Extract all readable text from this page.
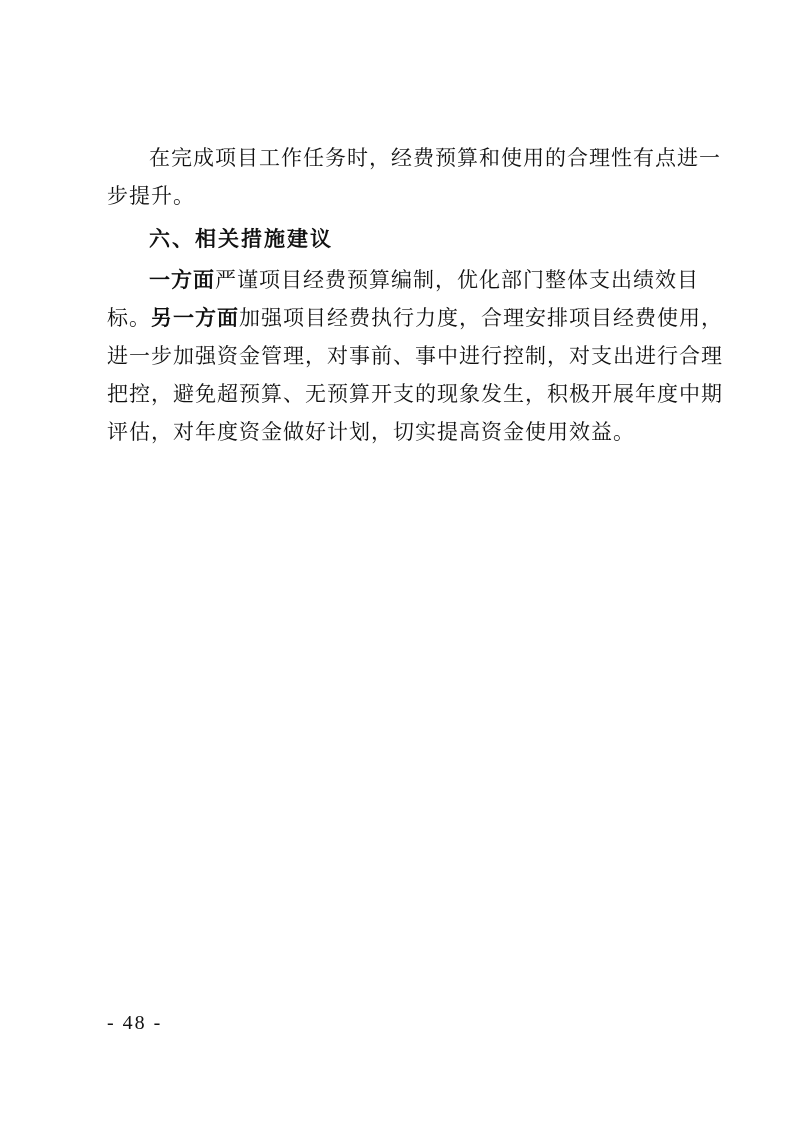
在完成项目工作任务时，经费预算和使用的合理性有点进一
步提升。
六、相关措施建议
一方面严谨项目经费预算编制，优化部门整体支出绩效目
标。另一方面加强项目经费执行力度，合理安排项目经费使用，
进一步加强资金管理，对事前、事中进行控制，对支出进行合理
把控，避免超预算、无预算开支的现象发生，积极开展年度中期
评估，对年度资金做好计划，切实提高资金使用效益。
- 48 -
